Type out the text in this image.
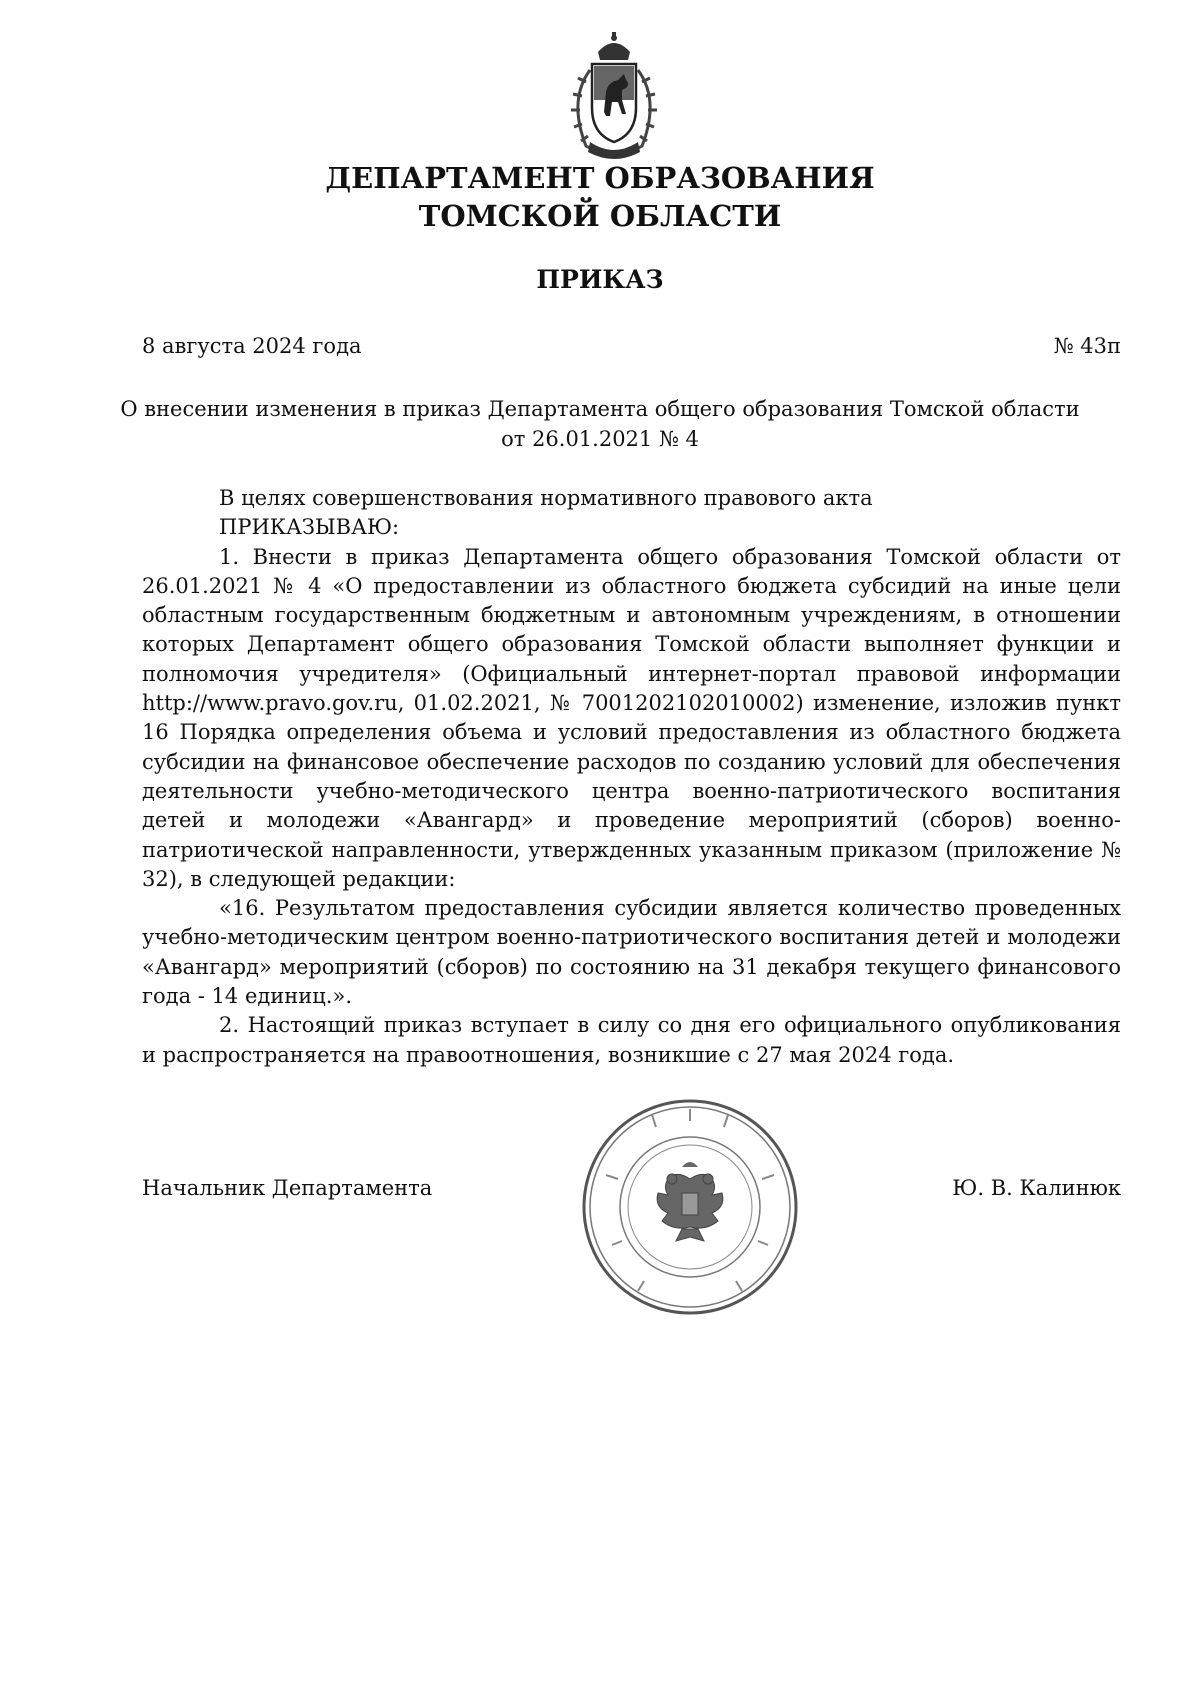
ДЕПАРТАМЕНТ ОБРАЗОВАНИЯ
ТОМСКОЙ ОБЛАСТИ
ПРИКАЗ
8 августа 2024 года	№ 43п
О внесении изменения в приказ Департамента общего образования Томской области
от 26.01.2021 № 4

В целях совершенствования нормативного правового акта

ПРИКАЗЫВАЮ:

1. Внести в приказ Департамента общего образования Томской области от 26.01.2021 № 4 «О предоставлении из областного бюджета субсидий на иные цели областным государственным бюджетным и автономным учреждениям, в отношении которых Департамент общего образования Томской области выполняет функции и полномочия учредителя» (Официальный интернет-портал правовой информации http://www.pravo.gov.ru, 01.02.2021, № 7001202102010002) изменение, изложив пункт 16 Порядка определения объема и условий предоставления из областного бюджета субсидии на финансовое обеспечение расходов по созданию условий для обеспечения деятельности учебно-методического центра военно-патриотического воспитания детей и молодежи «Авангард» и проведение мероприятий (сборов) военно-патриотической направленности, утвержденных указанным приказом (приложение № 32), в следующей редакции:

«16. Результатом предоставления субсидии является количество проведенных учебно-методическим центром военно-патриотического воспитания детей и молодежи «Авангард» мероприятий (сборов) по состоянию на 31 декабря текущего финансового года - 14 единиц.».

2. Настоящий приказ вступает в силу со дня его официального опубликования и распространяется на правоотношения, возникшие с 27 мая 2024 года.

Начальник Департамента	Ю. В. Калинюк
